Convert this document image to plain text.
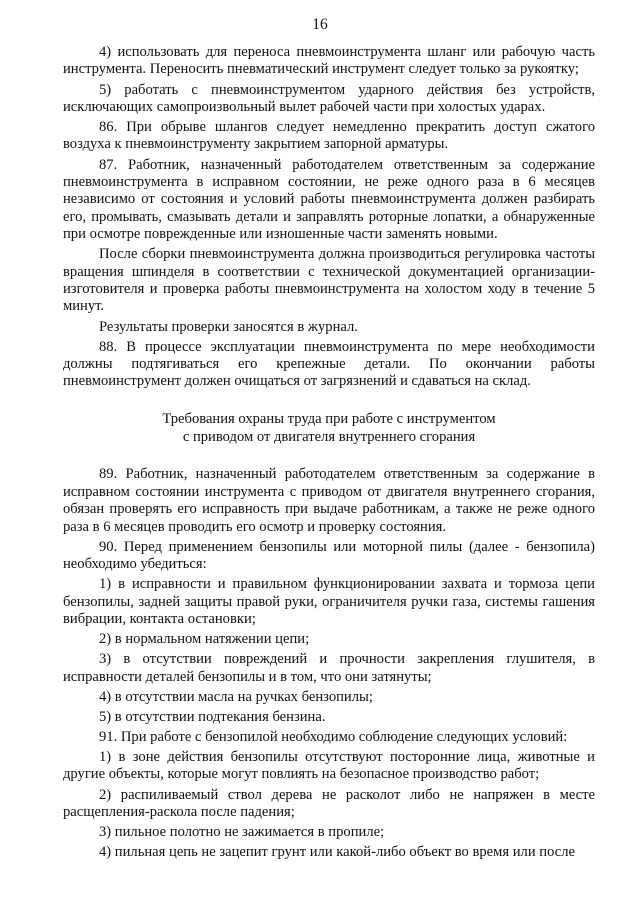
16

4) использовать для переноса пневмоинструмента шланг или рабочую часть инструмента. Переносить пневматический инструмент следует только за рукоятку;

5) работать с пневмоинструментом ударного действия без устройств, исключающих самопроизвольный вылет рабочей части при холостых ударах.

86. При обрыве шлангов следует немедленно прекратить доступ сжатого воздуха к пневмоинструменту закрытием запорной арматуры.

87. Работник, назначенный работодателем ответственным за содержание пневмоинструмента в исправном состоянии, не реже одного раза в 6 месяцев независимо от состояния и условий работы пневмоинструмента должен разбирать его, промывать, смазывать детали и заправлять роторные лопатки, а обнаруженные при осмотре поврежденные или изношенные части заменять новыми.

После сборки пневмоинструмента должна производиться регулировка частоты вращения шпинделя в соответствии с технической документацией организации-изготовителя и проверка работы пневмоинструмента на холостом ходу в течение 5 минут.

Результаты проверки заносятся в журнал.

88. В процессе эксплуатации пневмоинструмента по мере необходимости должны подтягиваться его крепежные детали. По окончании работы пневмоинструмент должен очищаться от загрязнений и сдаваться на склад.

Требования охраны труда при работе с инструментом
с приводом от двигателя внутреннего сгорания

89. Работник, назначенный работодателем ответственным за содержание в исправном состоянии инструмента с приводом от двигателя внутреннего сгорания, обязан проверять его исправность при выдаче работникам, а также не реже одного раза в 6 месяцев проводить его осмотр и проверку состояния.

90. Перед применением бензопилы или моторной пилы (далее - бензопила) необходимо убедиться:

1) в исправности и правильном функционировании захвата и тормоза цепи бензопилы, задней защиты правой руки, ограничителя ручки газа, системы гашения вибрации, контакта остановки;

2) в нормальном натяжении цепи;

3) в отсутствии повреждений и прочности закрепления глушителя, в исправности деталей бензопилы и в том, что они затянуты;

4) в отсутствии масла на ручках бензопилы;

5) в отсутствии подтекания бензина.

91. При работе с бензопилой необходимо соблюдение следующих условий:

1) в зоне действия бензопилы отсутствуют посторонние лица, животные и другие объекты, которые могут повлиять на безопасное производство работ;

2) распиливаемый ствол дерева не расколот либо не напряжен в месте расщепления-раскола после падения;

3) пильное полотно не зажимается в пропиле;

4) пильная цепь не зацепит грунт или какой-либо объект во время или после
